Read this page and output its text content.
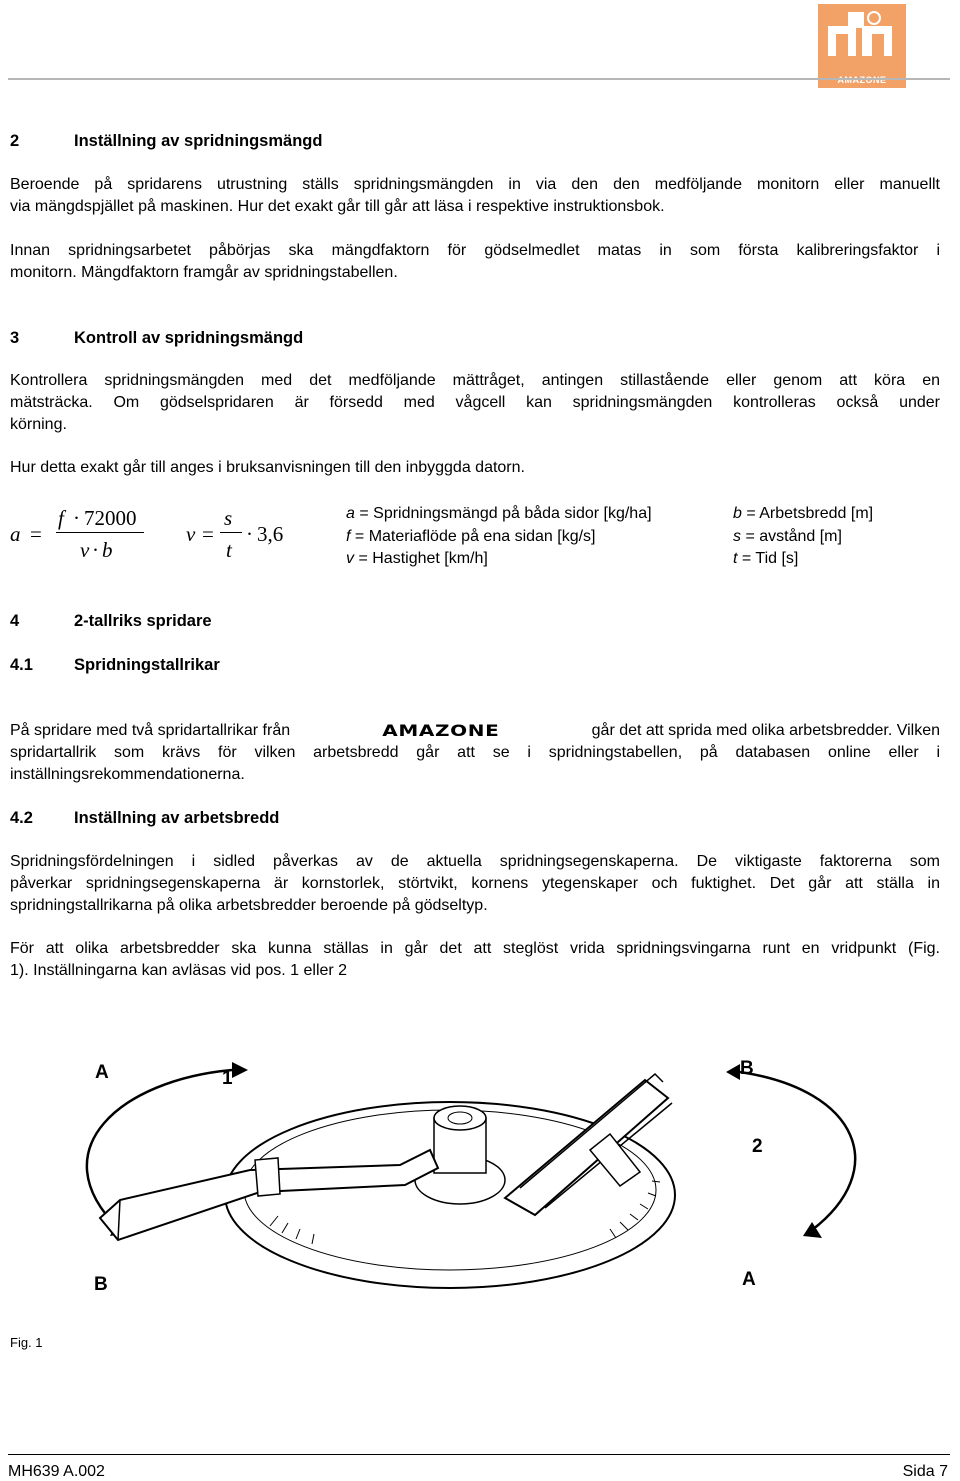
AMAZONE
2	Inställning av spridningsmängd
Beroende på spridarens utrustning ställs spridningsmängden in via den den medföljande monitorn eller manuellt
via mängdspjället på maskinen. Hur det exakt går till går att läsa i respektive instruktionsbok.
Innan spridningsarbetet påbörjas ska mängdfaktorn för gödselmedlet matas in som första kalibreringsfaktor i
monitorn. Mängdfaktorn framgår av spridningstabellen.
3	Kontroll av spridningsmängd
Kontrollera spridningsmängden med det medföljande mättråget, antingen stillastående eller genom att köra en
mätsträcka. Om gödselspridaren är försedd med vågcell kan spridningsmängden kontrolleras också under
körning.
Hur detta exakt går till anges i bruksanvisningen till den inbyggda datorn.
a =
f · 72000
v · b
v =
s
t
· 3,6
a = Spridningsmängd på båda sidor [kg/ha]
f = Materiaflöde på ena sidan [kg/s]
v = Hastighet [km/h]
b = Arbetsbredd [m]
s = avstånd [m]
t = Tid [s]
4	2-tallriks spridare
4.1 Spridningstallrikar
På spridare med två spridartallrikar från	AMAZONE	går det att sprida med olika arbetsbredder. Vilken
spridartallrik som krävs för vilken arbetsbredd går att se i spridningstabellen, på databasen online eller i
inställningsrekommendationerna.
4.2 Inställning av arbetsbredd
Spridningsfördelningen i sidled påverkas av de aktuella spridningsegenskaperna. De viktigaste faktorerna som
påverkar spridningsegenskaperna är kornstorlek, störtvikt, kornens ytegenskaper och fuktighet. Det går att ställa in
spridningstallrikarna på olika arbetsbredder beroende på gödseltyp.
För att olika arbetsbredder ska kunna ställas in går det att steglöst vrida spridningsvingarna runt en vridpunkt (Fig.
1). Inställningarna kan avläsas vid pos. 1 eller 2
A	1	B
2
B	A
Fig. 1
MH639 A.002	Sida 7
